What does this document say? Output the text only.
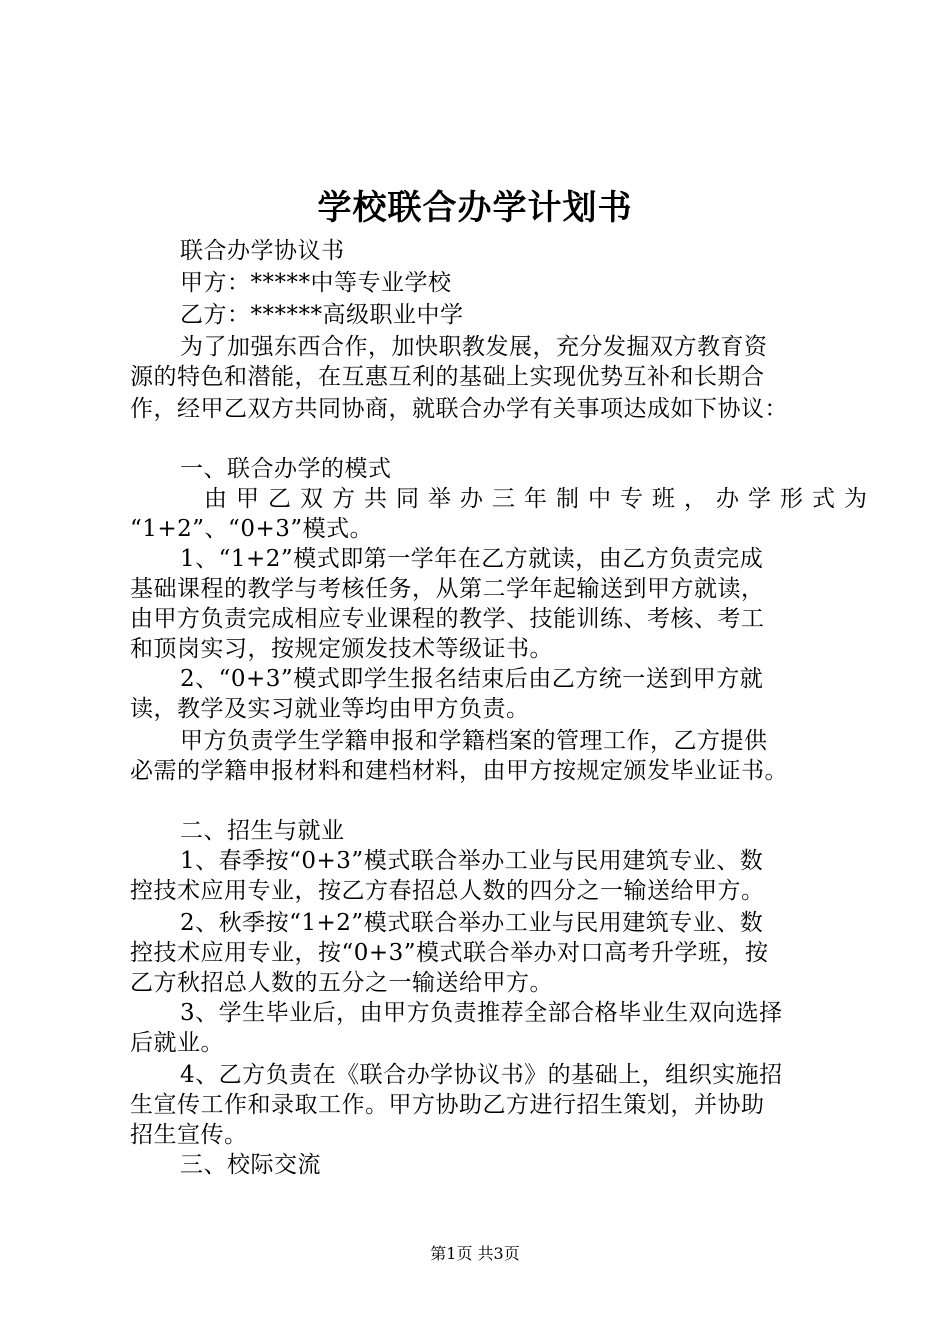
学校联合办学计划书
联合办学协议书
甲方：*****中等专业学校
乙方：******高级职业中学
为了加强东西合作，加快职教发展，充分发掘双方教育资
源的特色和潜能，在互惠互利的基础上实现优势互补和长期合
作，经甲乙双方共同协商，就联合办学有关事项达成如下协议：
一、联合办学的模式
由甲乙双方共同举办三年制中专班，办学形式为
“1+2”、“0+3”模式。
1、“1+2”模式即第一学年在乙方就读，由乙方负责完成
基础课程的教学与考核任务，从第二学年起输送到甲方就读，
由甲方负责完成相应专业课程的教学、技能训练、考核、考工
和顶岗实习，按规定颁发技术等级证书。
2、“0+3”模式即学生报名结束后由乙方统一送到甲方就
读，教学及实习就业等均由甲方负责。
甲方负责学生学籍申报和学籍档案的管理工作，乙方提供
必需的学籍申报材料和建档材料，由甲方按规定颁发毕业证书。
二、招生与就业
1、春季按“0+3”模式联合举办工业与民用建筑专业、数
控技术应用专业，按乙方春招总人数的四分之一输送给甲方。
2、秋季按“1+2”模式联合举办工业与民用建筑专业、数
控技术应用专业，按“0+3”模式联合举办对口高考升学班，按
乙方秋招总人数的五分之一输送给甲方。
3、学生毕业后，由甲方负责推荐全部合格毕业生双向选择
后就业。
4、乙方负责在《联合办学协议书》的基础上，组织实施招
生宣传工作和录取工作。甲方协助乙方进行招生策划，并协助
招生宣传。
三、校际交流
第1页 共3页
